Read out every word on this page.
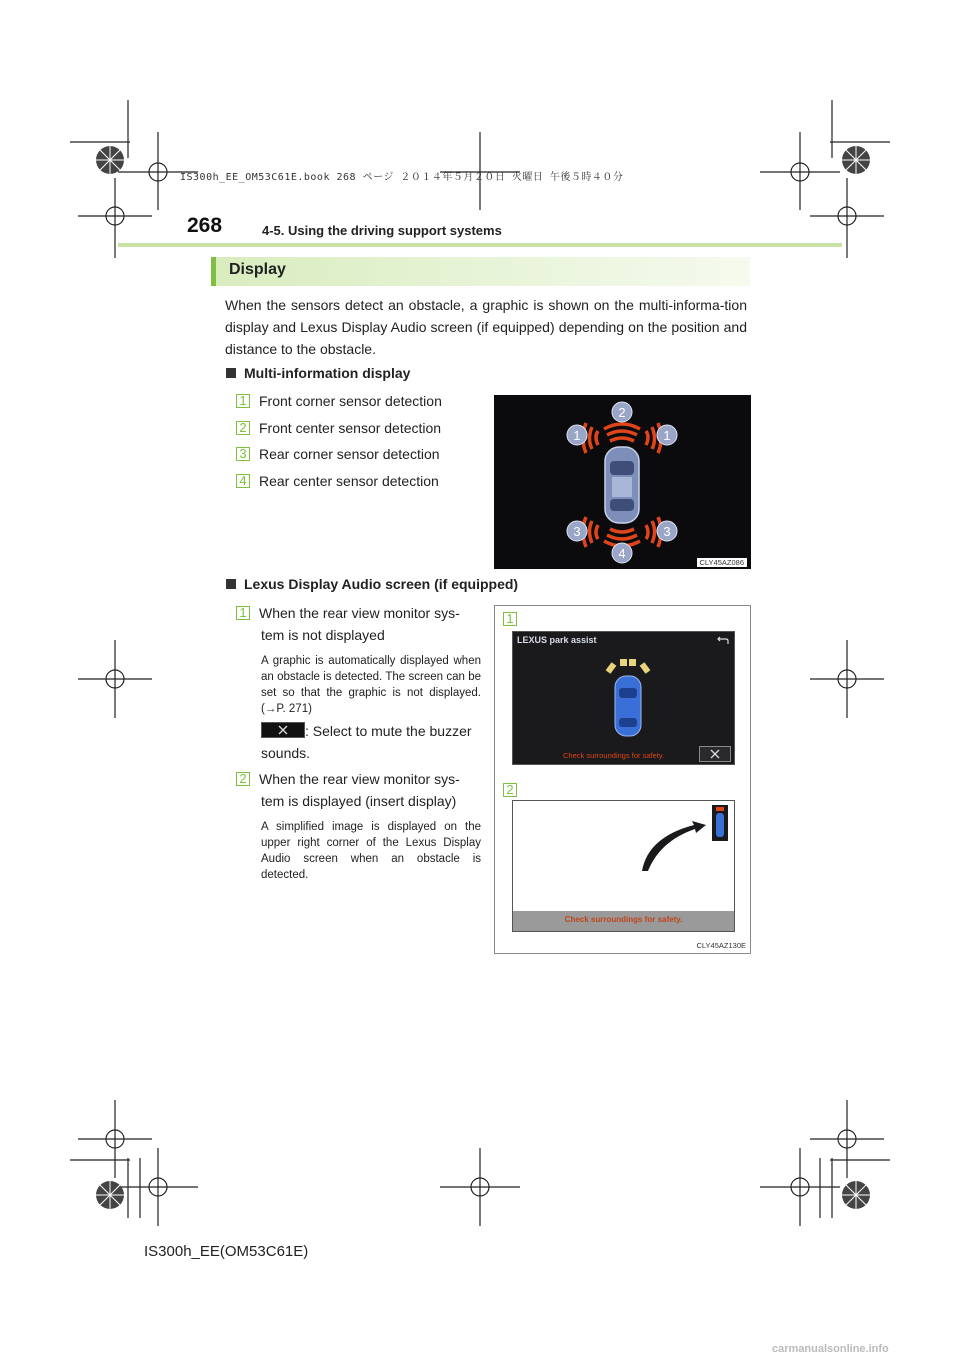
IS300h_EE_OM53C61E.book 268 ページ ２０１４年５月２０日 火曜日 午後５時４０分
268	4-5. Using the driving support systems
Display
When the sensors detect an obstacle, a graphic is shown on the multi-informa-tion display and Lexus Display Audio screen (if equipped) depending on the position and distance to the obstacle.
Multi-information display
1 Front corner sensor detection
2 Front center sensor detection
3 Rear corner sensor detection
4 Rear center sensor detection
2
1	1
3	3
4
CLY45AZ086
Lexus Display Audio screen (if equipped)
1 When the rear view monitor sys-
tem is not displayed
A graphic is automatically displayed when an obstacle is detected. The screen can be set so that the graphic is not displayed. (→P. 271)
: Select to mute the buzzer
sounds.
2 When the rear view monitor sys-
tem is displayed (insert display)
A simplified image is displayed on the upper right corner of the Lexus Display Audio screen when an obstacle is detected.
1
LEXUS park assist
Check surroundings for safety.
2
Check surroundings for safety.
CLY45AZ130E
IS300h_EE(OM53C61E)
carmanualsonline.info
